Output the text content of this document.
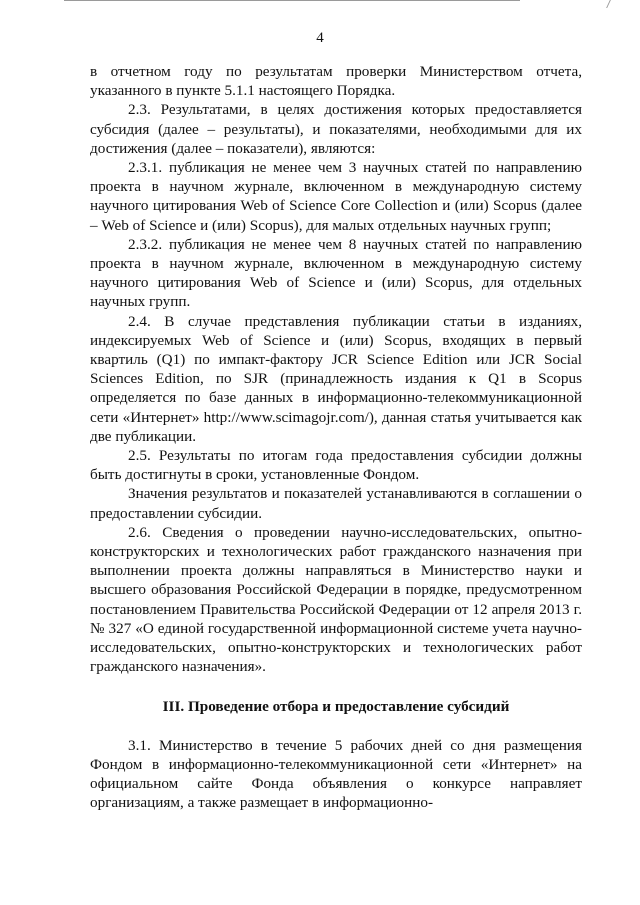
4

в отчетном году по результатам проверки Министерством отчета, указанного в пункте 5.1.1 настоящего Порядка.

2.3. Результатами, в целях достижения которых предоставляется субсидия (далее – результаты), и показателями, необходимыми для их достижения (далее – показатели), являются:

2.3.1. публикация не менее чем 3 научных статей по направлению проекта в научном журнале, включенном в международную систему научного цитирования Web of Science Core Collection и (или) Scopus (далее – Web of Science и (или) Scopus), для малых отдельных научных групп;

2.3.2. публикация не менее чем 8 научных статей по направлению проекта в научном журнале, включенном в международную систему научного цитирования Web of Science и (или) Scopus, для отдельных научных групп.

2.4. В случае представления публикации статьи в изданиях, индексируемых Web of Science и (или) Scopus, входящих в первый квартиль (Q1) по импакт-фактору JCR Science Edition или JCR Social Sciences Edition, по SJR (принадлежность издания к Q1 в Scopus определяется по базе данных в информационно-телекоммуникационной сети «Интернет» http://www.scimagojr.com/), данная статья учитывается как две публикации.

2.5. Результаты по итогам года предоставления субсидии должны быть достигнуты в сроки, установленные Фондом.

Значения результатов и показателей устанавливаются в соглашении о предоставлении субсидии.

2.6. Сведения о проведении научно-исследовательских, опытно-конструкторских и технологических работ гражданского назначения при выполнении проекта должны направляться в Министерство науки и высшего образования Российской Федерации в порядке, предусмотренном постановлением Правительства Российской Федерации от 12 апреля 2013 г. № 327 «О единой государственной информационной системе учета научно-исследовательских, опытно-конструкторских и технологических работ гражданского назначения».

III. Проведение отбора и предоставление субсидий

3.1. Министерство в течение 5 рабочих дней со дня размещения Фондом в информационно-телекоммуникационной сети «Интернет» на официальном сайте Фонда объявления о конкурсе направляет организациям, а также размещает в информационно-
